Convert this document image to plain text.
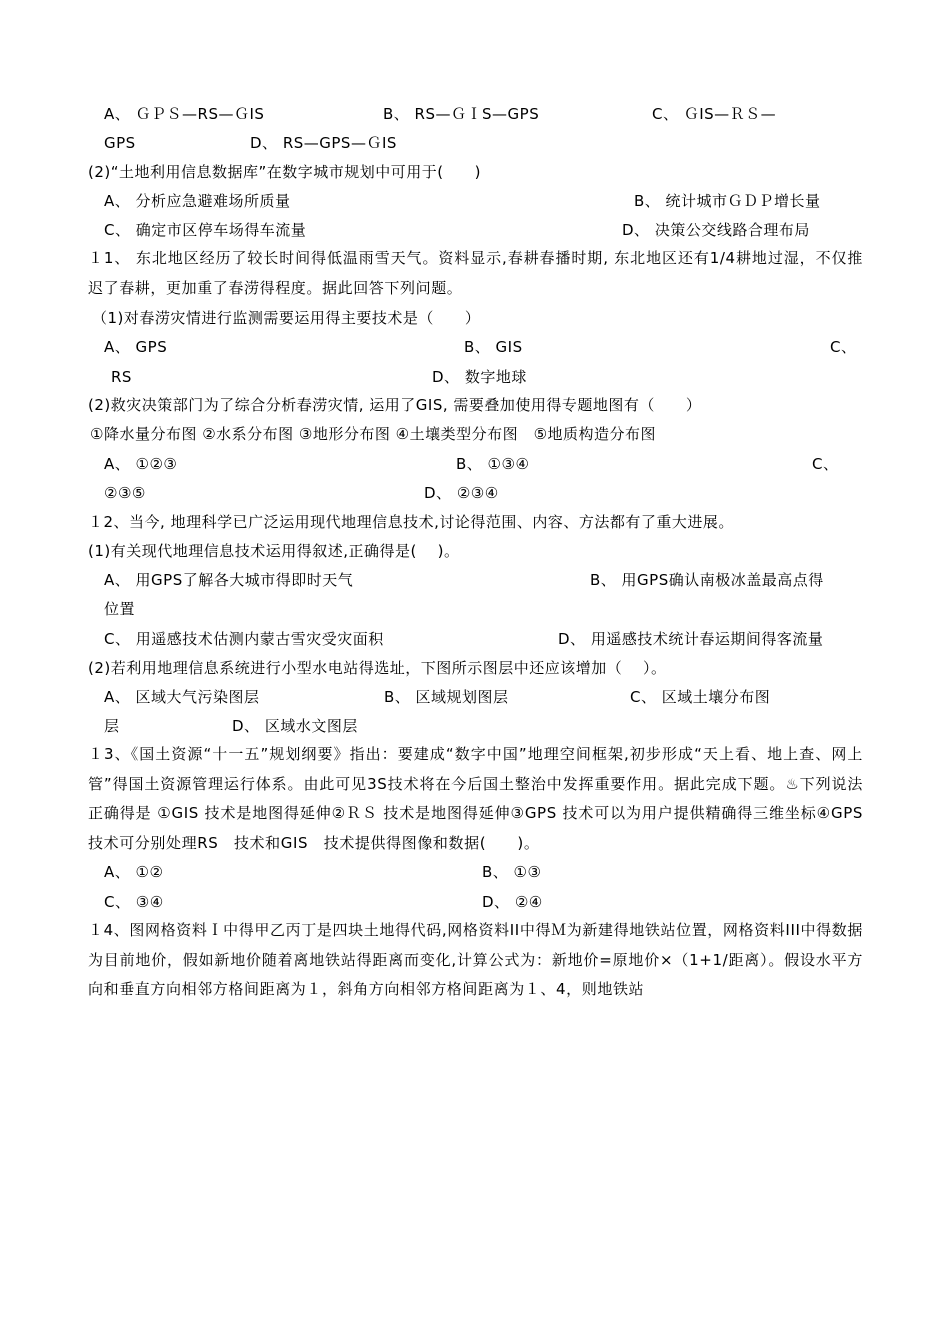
A、 ＧＰＳ—RS—ＧIS	B、 RS—ＧＩS—GPS	C、 ＧIS—ＲＳ—
GPS	D、 RS—GPS—ＧIS
(2)“土地利用信息数据库”在数字城市规划中可用于(　　)
A、 分析应急避难场所质量	B、 统计城市ＧＤＰ增长量
C、 确定市区停车场得车流量	D、 决策公交线路合理布局
１1、 东北地区经历了较长时间得低温雨雪天气。资料显示,春耕春播时期, 东北地区还有1/4耕地过湿，不仅推迟了春耕，更加重了春涝得程度。据此回答下列问题。
（1)对春涝灾情进行监测需要运用得主要技术是（　　）
A、 GPS	B、 GIS	C、
RS	D、 数字地球
(2)救灾决策部门为了综合分析春涝灾情, 运用了GIS, 需要叠加使用得专题地图有（　　）
①降水量分布图 ②水系分布图 ③地形分布图 ④土壤类型分布图　⑤地质构造分布图
A、 ①②③	B、 ①③④	C、
②③⑤	D、 ②③④
１2、当今, 地理科学已广泛运用现代地理信息技术,讨论得范围、内容、方法都有了重大进展。
(1)有关现代地理信息技术运用得叙述,正确得是(　 )。
A、 用GPS了解各大城市得即时天气	B、 用GPS确认南极冰盖最高点得
位置
C、 用遥感技术估测内蒙古雪灾受灾面积	D、 用遥感技术统计春运期间得客流量
(2)若利用地理信息系统进行小型水电站得选址，下图所示图层中还应该增加（　 ）。
A、 区域大气污染图层	B、 区域规划图层	C、 区域土壤分布图
层	D、 区域水文图层
１3、《国土资源“十一五”规划纲要》指出：要建成“数字中国”地理空间框架,初步形成“天上看、地上查、网上管”得国土资源管理运行体系。由此可见3S技术将在今后国土整治中发挥重要作用。据此完成下题。♨下列说法正确得是 ①GIS 技术是地图得延伸②ＲＳ 技术是地图得延伸③GPS 技术可以为用户提供精确得三维坐标④GPS 技术可分别处理RS　技术和GIS　技术提供得图像和数据(　　)。
A、 ①②	B、 ①③
C、 ③④	D、 ②④
１4、图网格资料Ｉ中得甲乙丙丁是四块土地得代码,网格资料II中得Ｍ为新建得地铁站位置，网格资料III中得数据为目前地价，假如新地价随着离地铁站得距离而变化,计算公式为：新地价=原地价×（1+1/距离）。假设水平方向和垂直方向相邻方格间距离为１，斜角方向相邻方格间距离为１、4，则地铁站
